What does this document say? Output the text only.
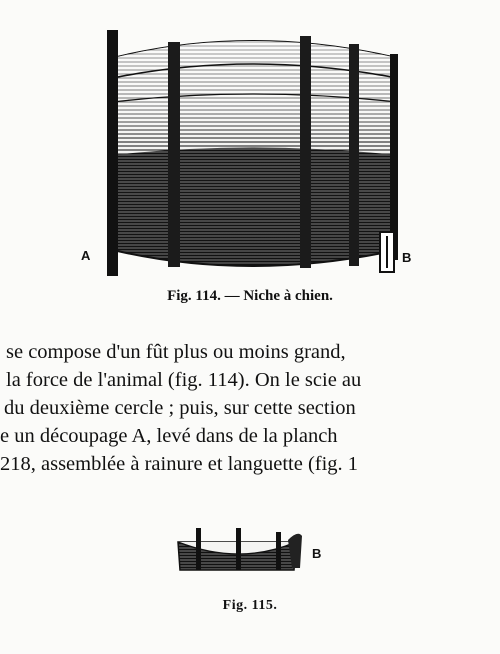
A	B
Fig. 114. — Niche à chien.
se compose d'un fût plus ou moins grand,
la force de l'animal (fig. 114). On le scie au
du deuxième cercle ; puis, sur cette section
e un découpage A, levé dans de la planch
218, assemblée à rainure et languette (fig. 1
B
Fig. 115.
